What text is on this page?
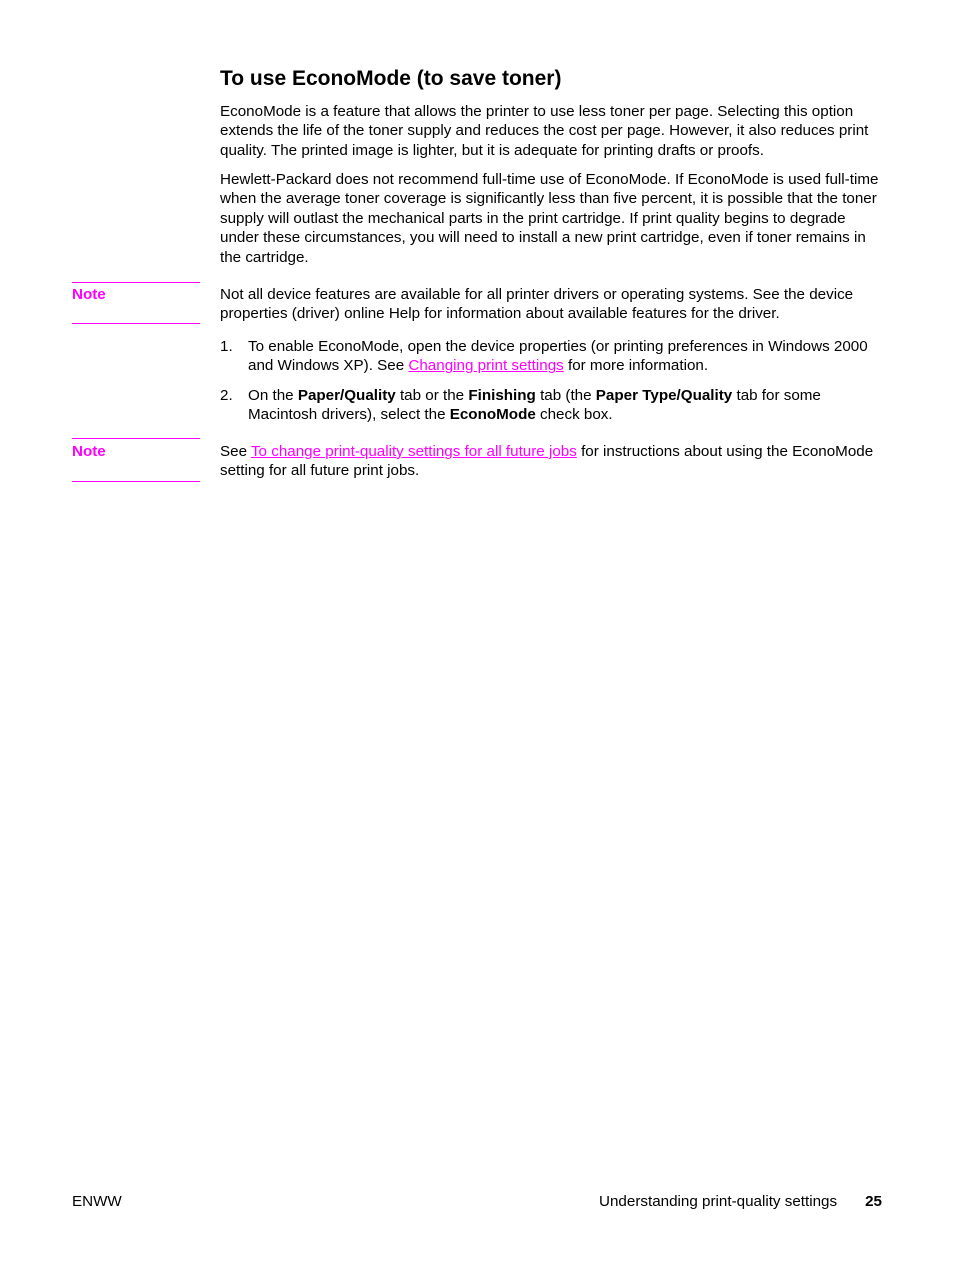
To use EconoMode (to save toner)

EconoMode is a feature that allows the printer to use less toner per page. Selecting this option extends the life of the toner supply and reduces the cost per page. However, it also reduces print quality. The printed image is lighter, but it is adequate for printing drafts or proofs.

Hewlett-Packard does not recommend full-time use of EconoMode. If EconoMode is used full-time when the average toner coverage is significantly less than five percent, it is possible that the toner supply will outlast the mechanical parts in the print cartridge. If print quality begins to degrade under these circumstances, you will need to install a new print cartridge, even if toner remains in the cartridge.

Note	Not all device features are available for all printer drivers or operating systems. See the device properties (driver) online Help for information about available features for the driver.

1. To enable EconoMode, open the device properties (or printing preferences in Windows 2000 and Windows XP). See Changing print settings for more information.
2. On the Paper/Quality tab or the Finishing tab (the Paper Type/Quality tab for some Macintosh drivers), select the EconoMode check box.
Note	See To change print-quality settings for all future jobs for instructions about using the EconoMode setting for all future print jobs.

ENWW	Understanding print-quality settings 25
